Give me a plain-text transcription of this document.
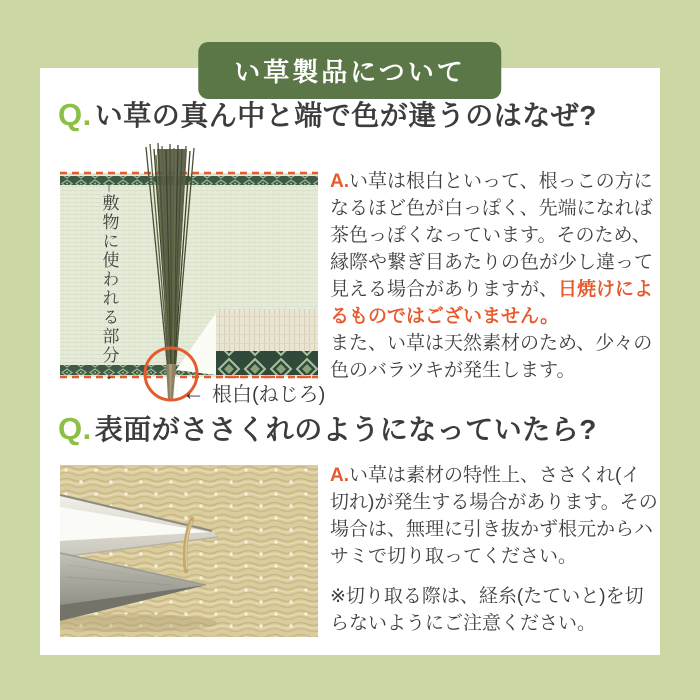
い草製品について
Q. い草の真ん中と端で色が違うのはなぜ?
↑
敷物に使われる部分
↓
← 根白(ねじろ)

A.い草は根白といって、根っこの方になるほど色が白っぽく、先端になれば茶色っぽくなっています。そのため、縁際や繋ぎ目あたりの色が少し違って見える場合がありますが、日焼けによるものではございません。

また、い草は天然素材のため、少々の色のバラツキが発生します。

Q. 表面がささくれのようになっていたら?

A.い草は素材の特性上、ささくれ(イ切れ)が発生する場合があります。その場合は、無理に引き抜かず根元からハサミで切り取ってください。

※切り取る際は、経糸(たていと)を切らないようにご注意ください。
